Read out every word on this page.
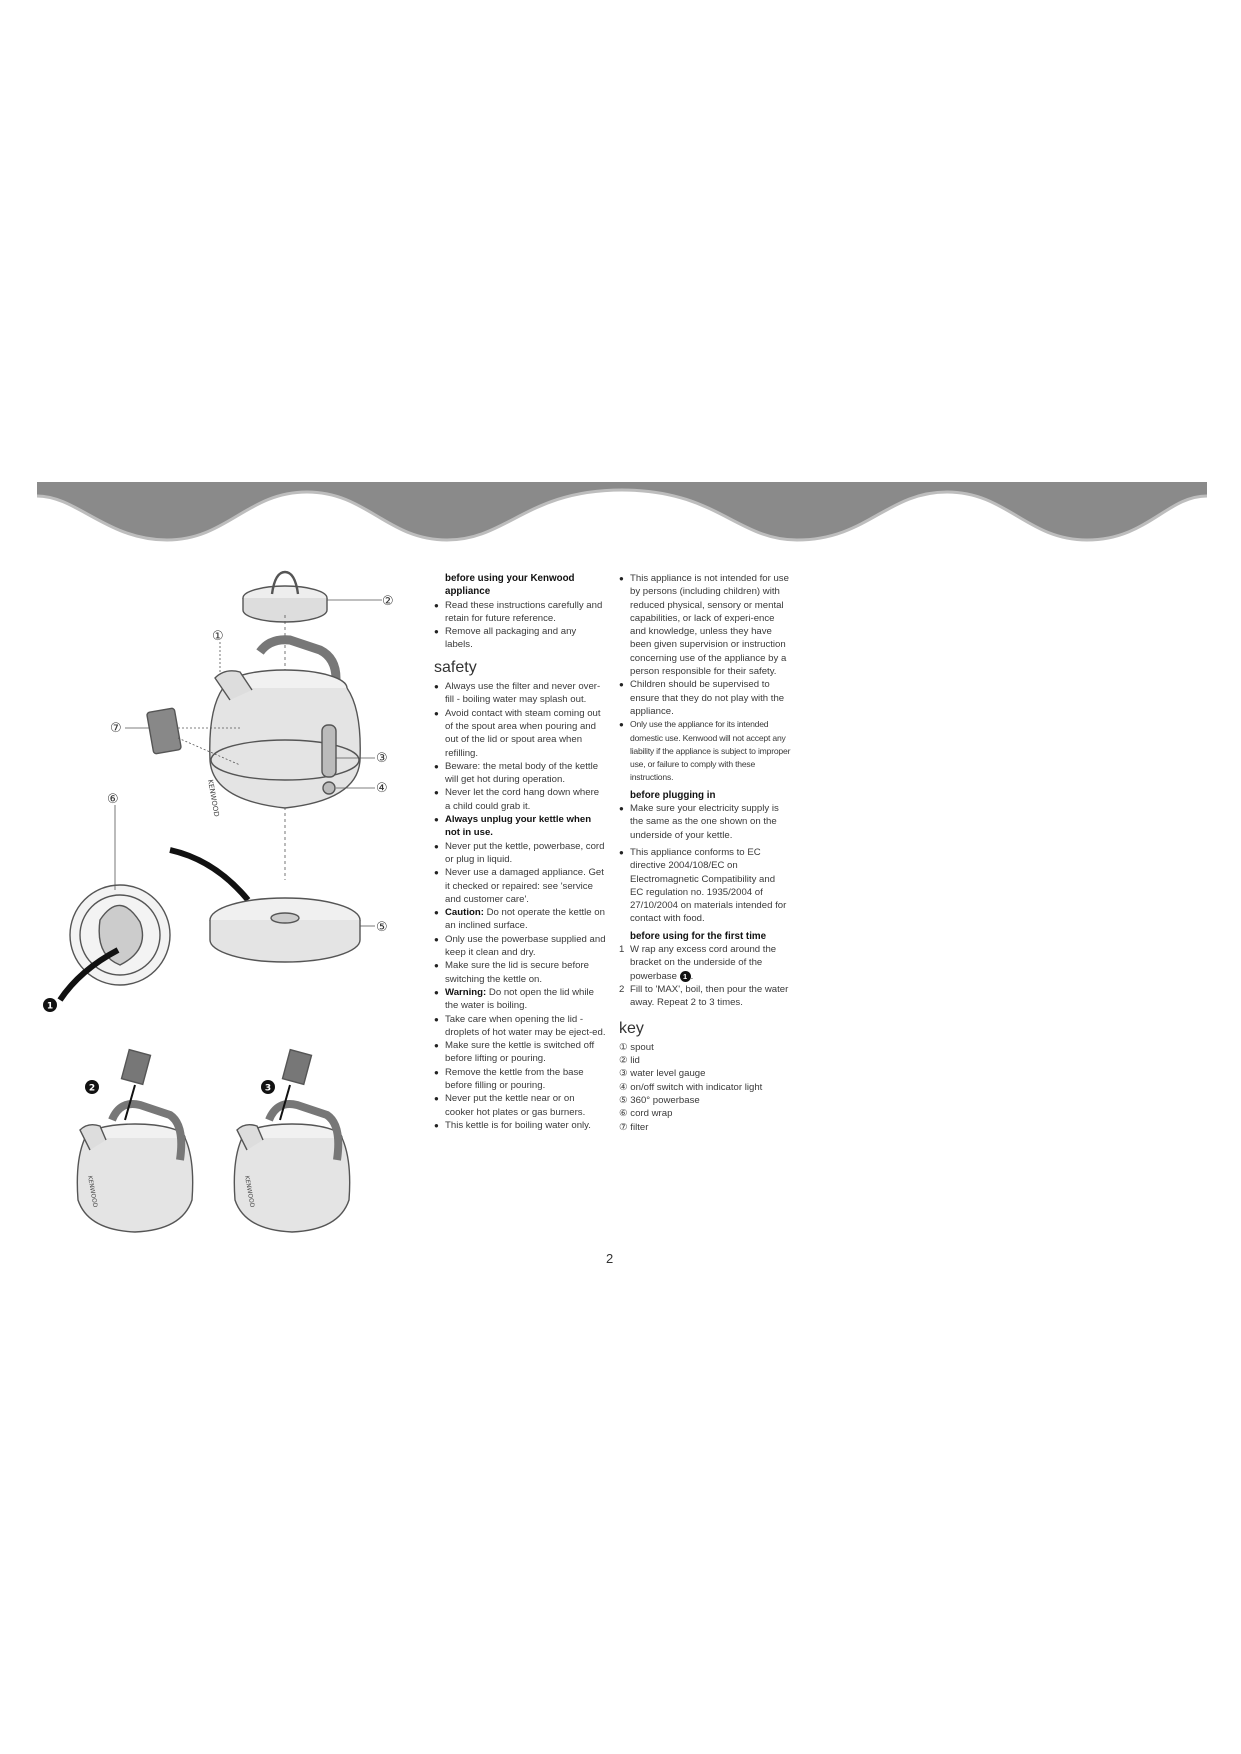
English
KENWOOD
KENWOOD	KENWOOD
②
①
⑦
③
④
⑥
⑤
1
2	3
before using your Kenwood appliance
● Read these instructions carefully and retain for future reference.
● Remove all packaging and any labels.
safety
● Always use the filter and never over-fill - boiling water may splash out.
● Avoid contact with steam coming out of the spout area when pouring and out of the lid or spout area when refilling.
● Beware: the metal body of the kettle will get hot during operation.
● Never let the cord hang down where a child could grab it.
● Always unplug your kettle when not in use.
● Never put the kettle, powerbase, cord or plug in liquid.
● Never use a damaged appliance. Get it checked or repaired: see 'service and customer care'.
● Caution: Do not operate the kettle on an inclined surface.
● Only use the powerbase supplied and keep it clean and dry.
● Make sure the lid is secure before switching the kettle on.
● Warning: Do not open the lid while the water is boiling.
● Take care when opening the lid - droplets of hot water may be eject-ed.
● Make sure the kettle is switched off before lifting or pouring.
● Remove the kettle from the base before filling or pouring.
● Never put the kettle near or on cooker hot plates or gas burners.
● This kettle is for boiling water only.
● This appliance is not intended for use by persons (including children) with reduced physical, sensory or mental capabilities, or lack of experi-ence and knowledge, unless they have been given supervision or instruction concerning use of the appliance by a person responsible for their safety.
● Children should be supervised to ensure that they do not play with the appliance.
● Only use the appliance for its intended domestic use. Kenwood will not accept any liability if the appliance is subject to improper use, or failure to comply with these instructions.
before plugging in
● Make sure your electricity supply is the same as the one shown on the underside of your kettle.
● This appliance conforms to EC directive 2004/108/EC on Electromagnetic Compatibility and EC regulation no. 1935/2004 of 27/10/2004 on materials intended for contact with food.
before using for the first time
1 W rap any excess cord around the bracket on the underside of the powerbase 1 .
2 Fill to 'MAX', boil, then pour the water away. Repeat 2 to 3 times.
key
① spout
② lid
③ water level gauge
④ on/off switch with indicator light
⑤ 360° powerbase
⑥ cord wrap
⑦ filter
2
